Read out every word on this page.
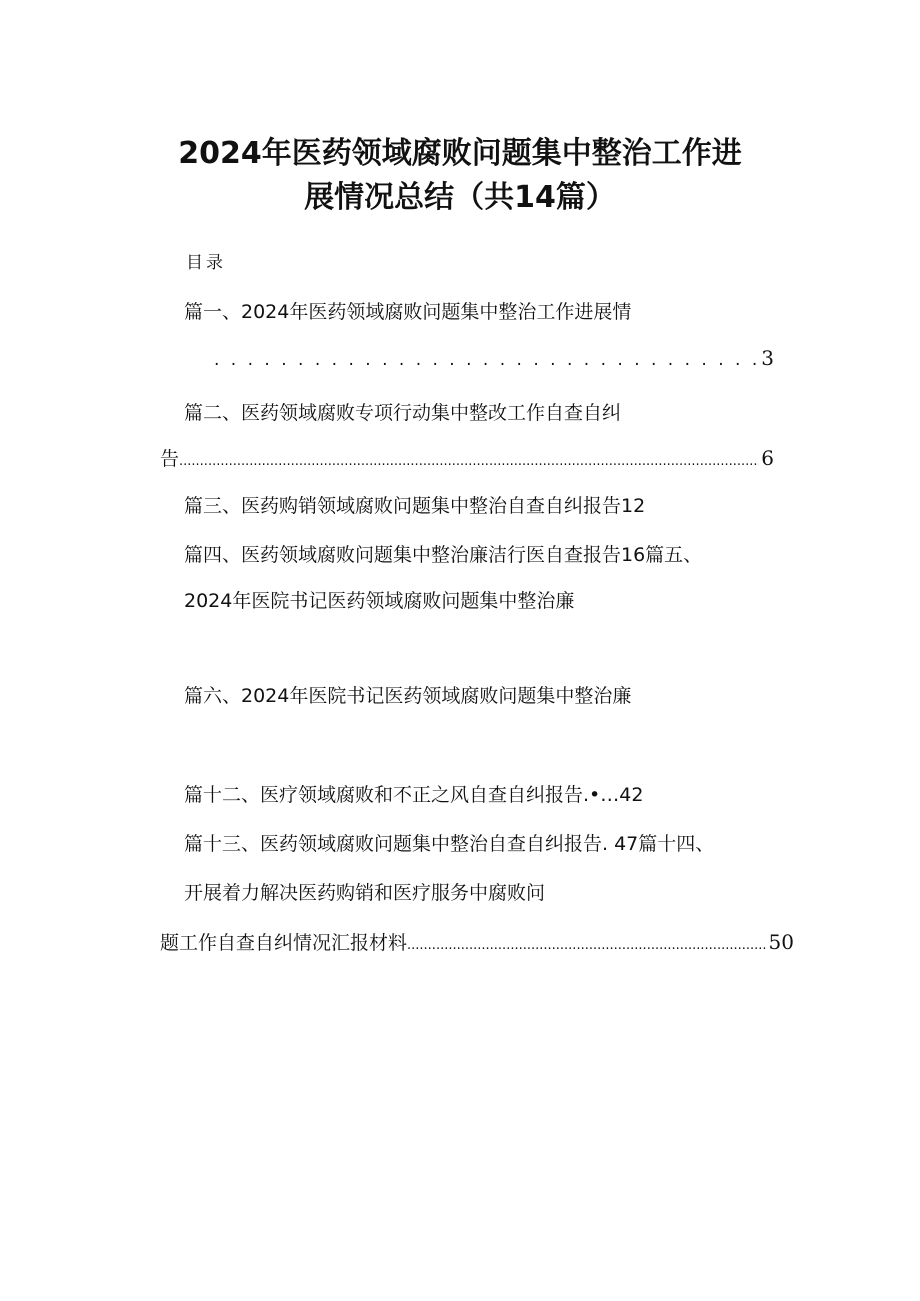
2024年医药领域腐败问题集中整治工作进
展情况总结（共14篇）
目录
篇一、2024年医药领域腐败问题集中整治工作进展情
. . .
3
篇二、医药领域腐败专项行动集中整改工作自查自纠
告 .....	6
篇三、医药购销领域腐败问题集中整治自查自纠报告12
篇四、医药领域腐败问题集中整治廉洁行医自查报告16篇五、
2024年医院书记医药领域腐败问题集中整治廉
篇六、2024年医院书记医药领域腐败问题集中整治廉
篇十二、医疗领域腐败和不正之风自查自纠报告.•…42
篇十三、医药领域腐败问题集中整治自查自纠报告. 47篇十四、
开展着力解决医药购销和医疗服务中腐败问
题工作自查自纠情况汇报材料 .....	50
